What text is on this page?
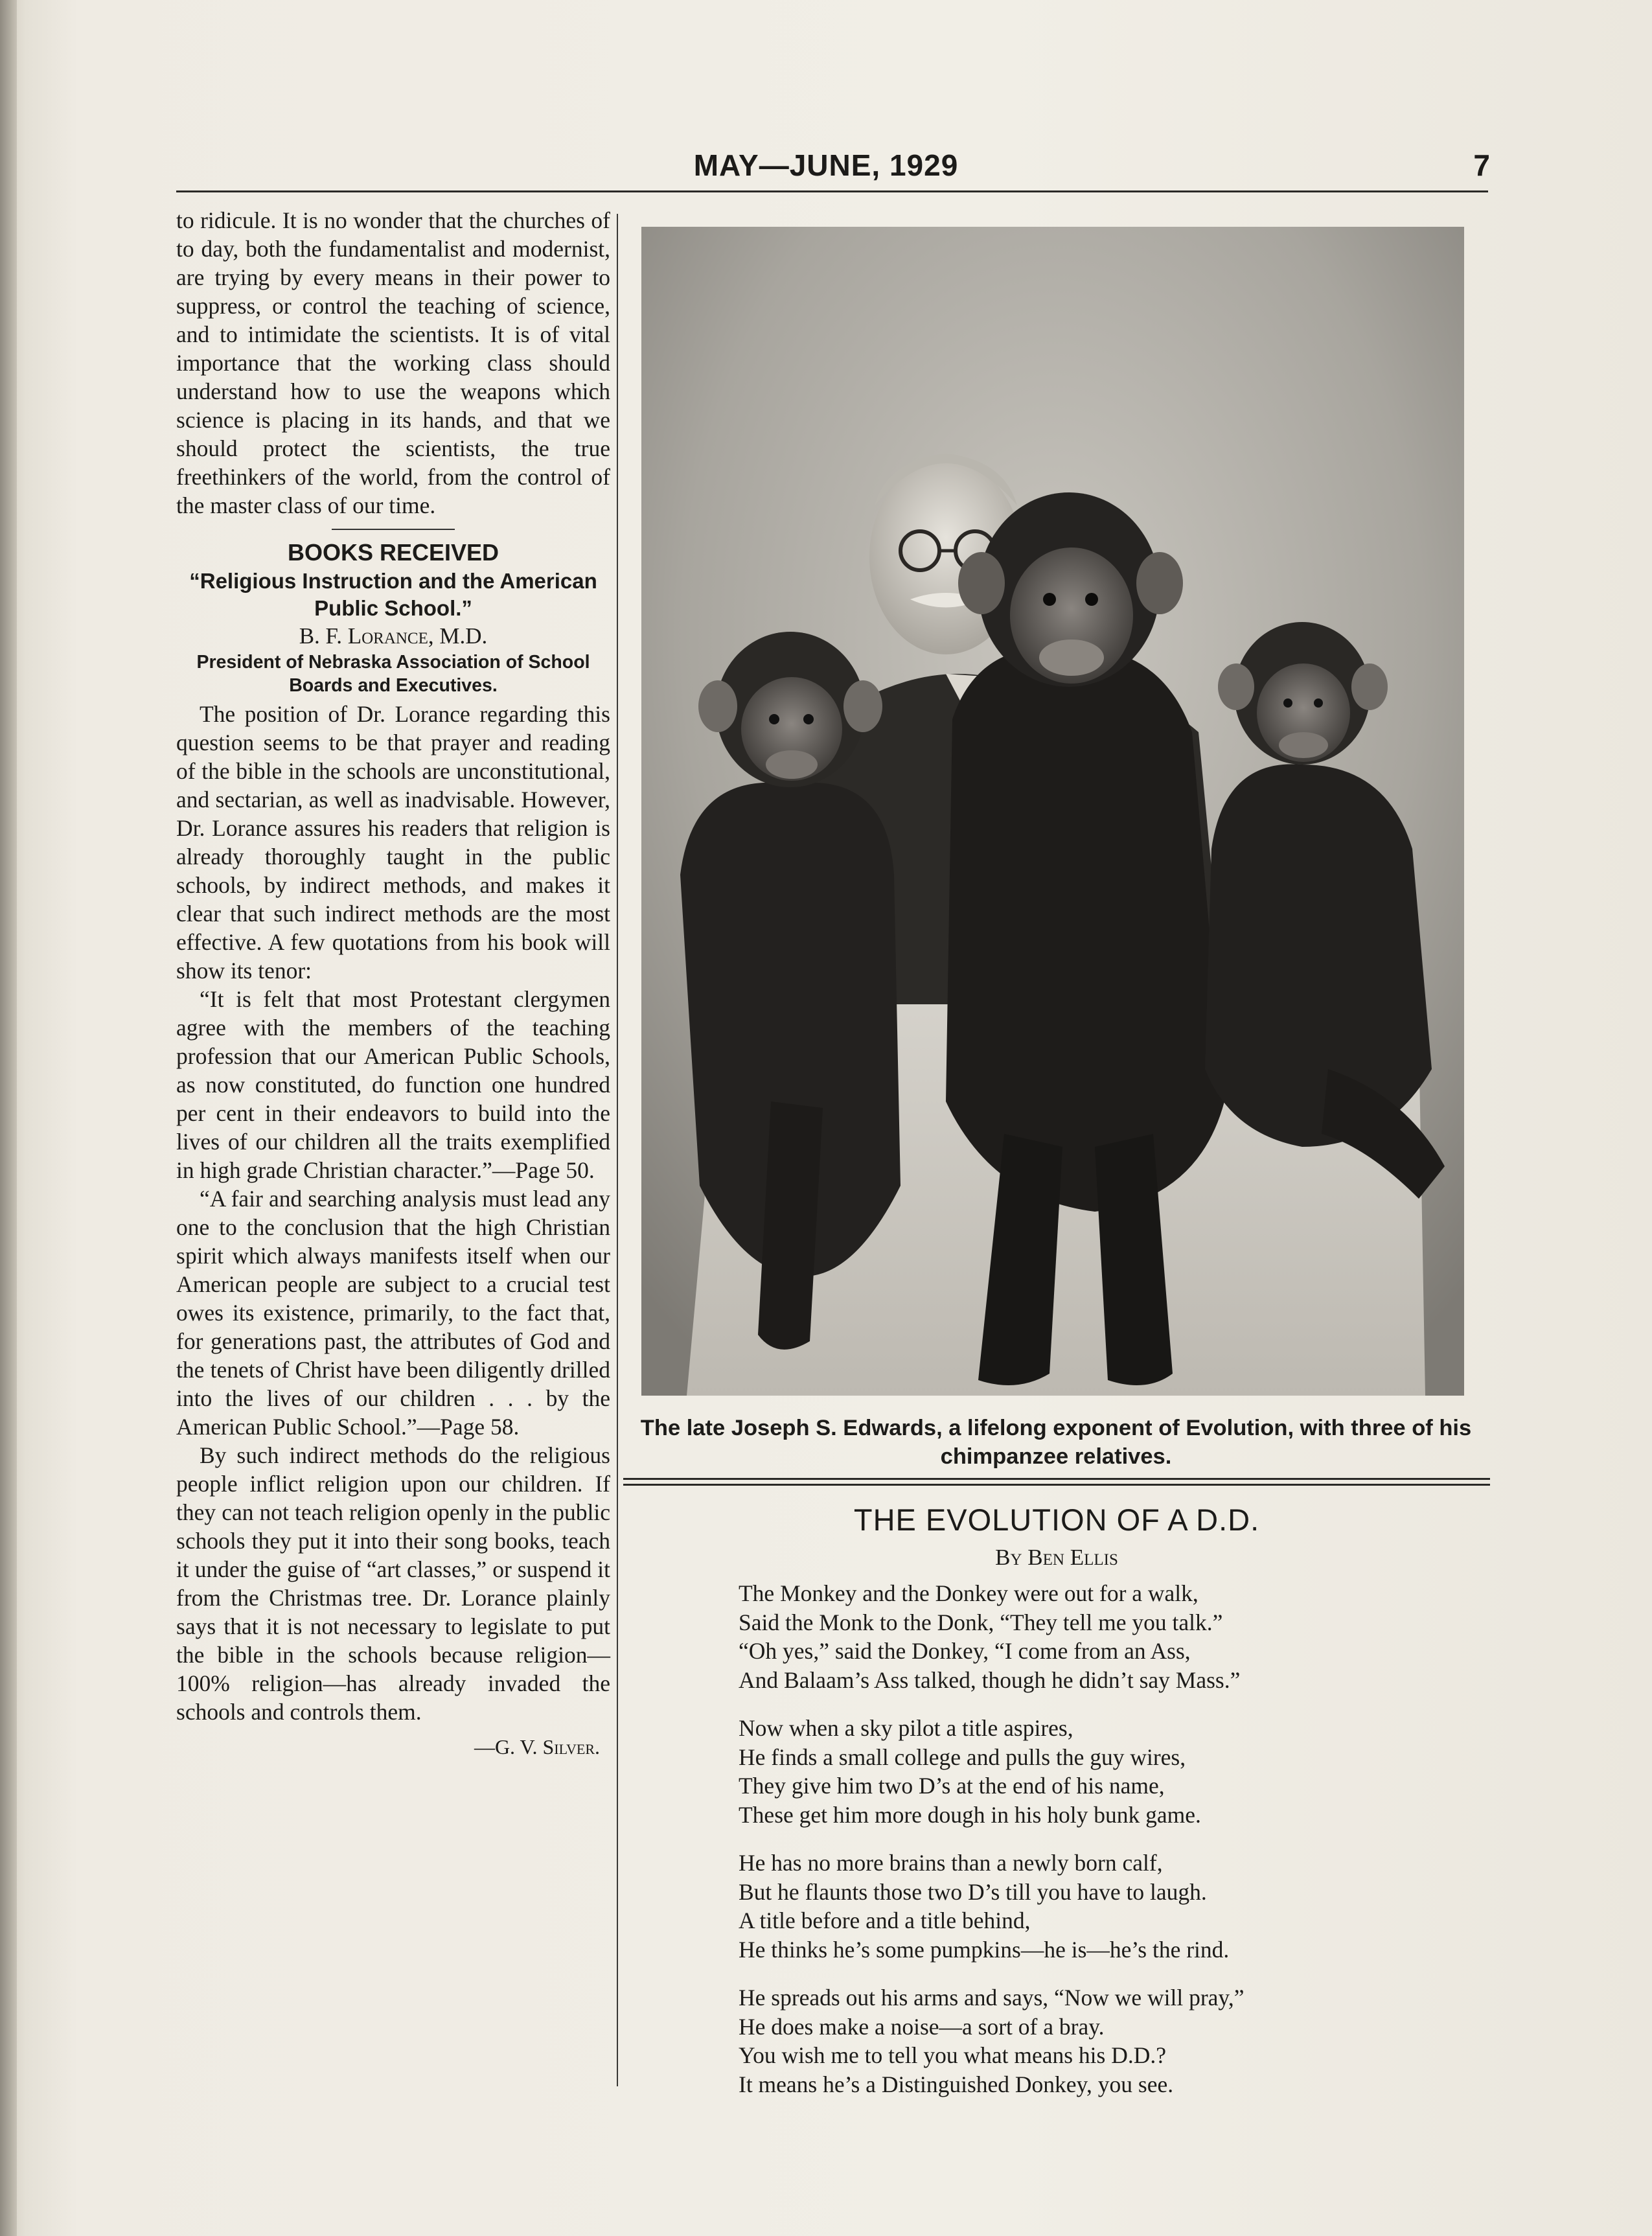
MAY—JUNE, 1929	7

to ridicule. It is no wonder that the churches of to day, both the fundamentalist and modernist, are trying by every means in their power to suppress, or control the teaching of science, and to intimidate the scientists. It is of vital importance that the working class should understand how to use the weapons which science is placing in its hands, and that we should protect the scientists, the true freethinkers of the world, from the control of the master class of our time.

BOOKS RECEIVED
“Religious Instruction and the American Public School.”
B. F. Lorance, M.D.
President of Nebraska Association of School Boards and Executives.

The position of Dr. Lorance regarding this question seems to be that prayer and reading of the bible in the schools are unconstitutional, and sectarian, as well as inadvisable. However, Dr. Lorance assures his readers that religion is already thoroughly taught in the public schools, by indirect methods, and makes it clear that such indirect methods are the most effective. A few quotations from his book will show its tenor:

“It is felt that most Protestant clergymen agree with the members of the teaching profession that our American Public Schools, as now constituted, do function one hundred per cent in their endeavors to build into the lives of our children all the traits exemplified in high grade Christian character.”—Page 50.

“A fair and searching analysis must lead any one to the conclusion that the high Christian spirit which always manifests itself when our American people are subject to a crucial test owes its existence, primarily, to the fact that, for generations past, the attributes of God and the tenets of Christ have been diligently drilled into the lives of our children . . . by the American Public School.”—Page 58.

By such indirect methods do the religious people inflict religion upon our children. If they can not teach religion openly in the public schools they put it into their song books, teach it under the guise of “art classes,” or suspend it from the Christmas tree. Dr. Lorance plainly says that it is not necessary to legislate to put the bible in the schools because religion—100% religion—has already invaded the schools and controls them.

—G. V. Silver.

The late Joseph S. Edwards, a lifelong exponent of Evolution, with three of his chimpanzee relatives.
THE EVOLUTION OF A D.D.
By Ben Ellis
The Monkey and the Donkey were out for a walk,
Said the Monk to the Donk, “They tell me you talk.”
“Oh yes,” said the Donkey, “I come from an Ass,
And Balaam’s Ass talked, though he didn’t say Mass.”
Now when a sky pilot a title aspires,
He finds a small college and pulls the guy wires,
They give him two D’s at the end of his name,
These get him more dough in his holy bunk game.
He has no more brains than a newly born calf,
But he flaunts those two D’s till you have to laugh.
A title before and a title behind,
He thinks he’s some pumpkins—he is—he’s the rind.
He spreads out his arms and says, “Now we will pray,”
He does make a noise—a sort of a bray.
You wish me to tell you what means his D.D.?
It means he’s a Distinguished Donkey, you see.
